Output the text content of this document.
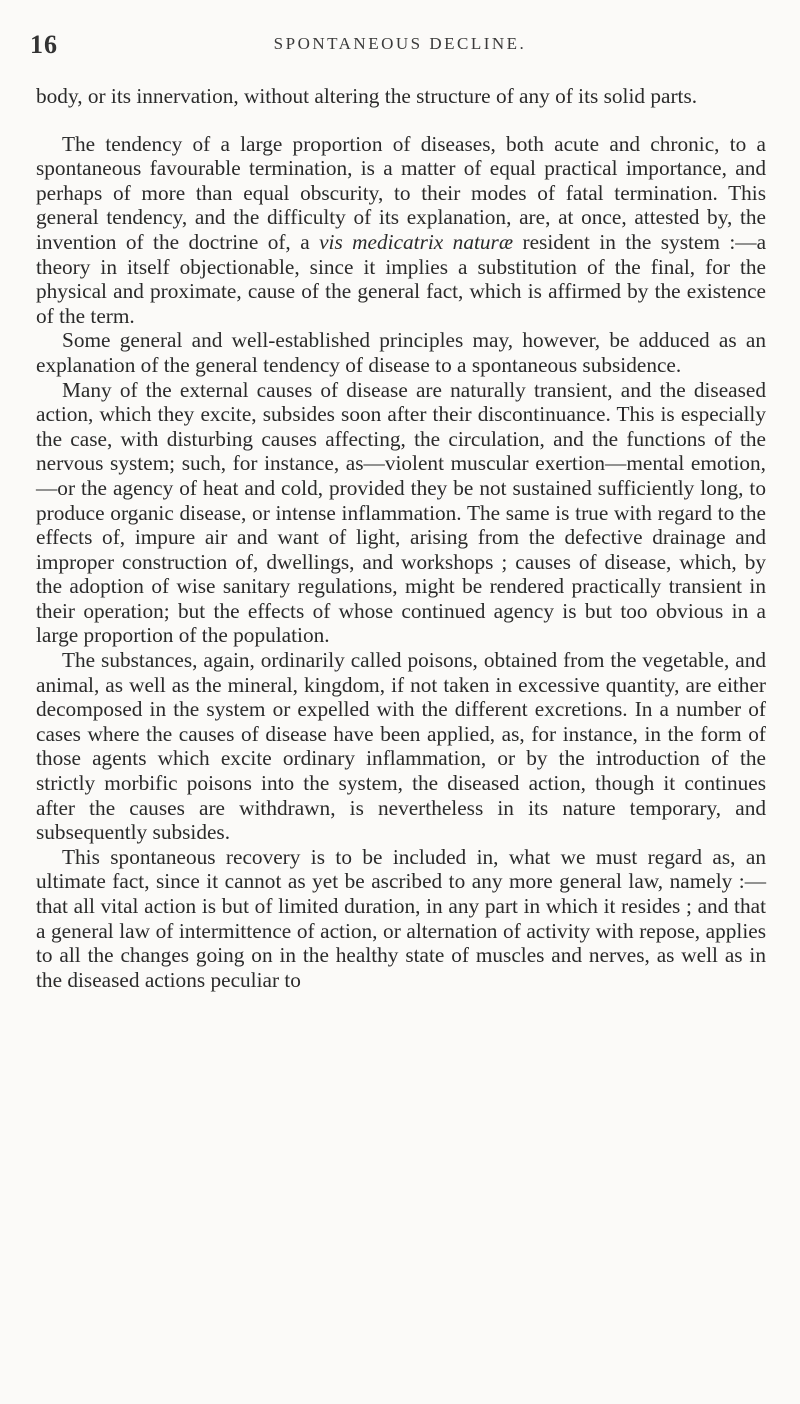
16	SPONTANEOUS DECLINE.

body, or its innervation, without altering the structure of any of its solid parts.

The tendency of a large proportion of diseases, both acute and chronic, to a spontaneous favourable termination, is a matter of equal practical importance, and perhaps of more than equal obscurity, to their modes of fatal termination. This general tendency, and the difficulty of its explanation, are, at once, attested by, the invention of the doctrine of, a vis medicatrix naturæ resident in the system :—a theory in itself objectionable, since it implies a substitution of the final, for the physical and proximate, cause of the general fact, which is affirmed by the existence of the term.

Some general and well-established principles may, however, be adduced as an explanation of the general tendency of disease to a spontaneous subsidence.

Many of the external causes of disease are naturally transient, and the diseased action, which they excite, subsides soon after their discontinuance. This is especially the case, with disturbing causes affecting, the circulation, and the functions of the nervous system; such, for instance, as—violent muscular exertion—mental emotion,—or the agency of heat and cold, provided they be not sustained sufficiently long, to produce organic disease, or intense inflammation. The same is true with regard to the effects of, impure air and want of light, arising from the defective drainage and improper construction of, dwellings, and workshops ; causes of disease, which, by the adoption of wise sanitary regulations, might be rendered practically transient in their operation; but the effects of whose continued agency is but too obvious in a large proportion of the population.

The substances, again, ordinarily called poisons, obtained from the vegetable, and animal, as well as the mineral, kingdom, if not taken in excessive quantity, are either decomposed in the system or expelled with the different excretions. In a number of cases where the causes of disease have been applied, as, for instance, in the form of those agents which excite ordinary inflammation, or by the introduction of the strictly morbific poisons into the system, the diseased action, though it continues after the causes are withdrawn, is nevertheless in its nature temporary, and subsequently subsides.

This spontaneous recovery is to be included in, what we must regard as, an ultimate fact, since it cannot as yet be ascribed to any more general law, namely :—that all vital action is but of limited duration, in any part in which it resides ; and that a general law of intermittence of action, or alternation of activity with repose, applies to all the changes going on in the healthy state of muscles and nerves, as well as in the diseased actions peculiar to
